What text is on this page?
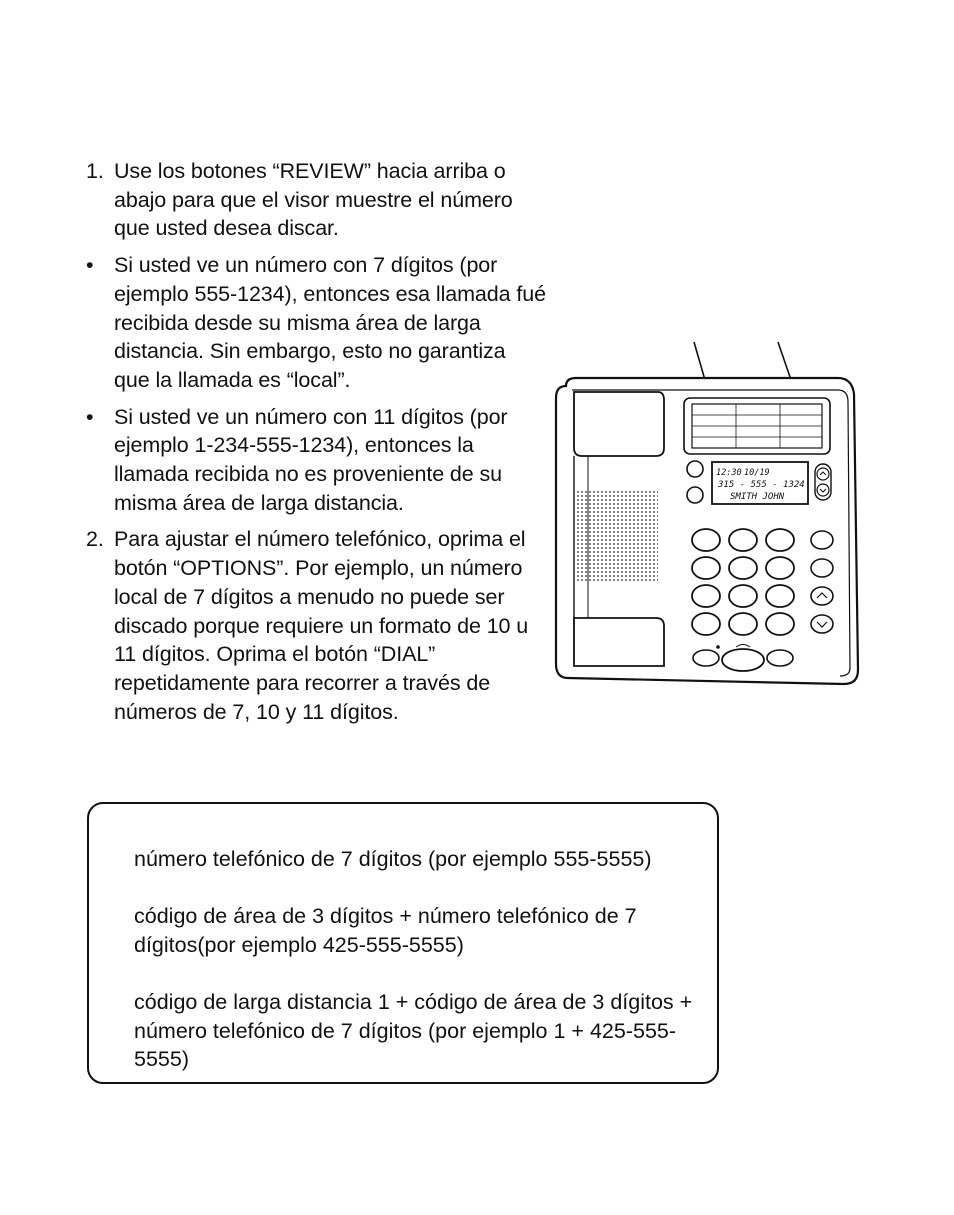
1. Use los botones “REVIEW” hacia arriba o abajo para que el visor muestre el número que usted desea discar.
• Si usted ve un número con 7 dígitos (por ejemplo 555-1234), entonces esa llamada fué recibida desde su misma área de larga distancia. Sin embargo, esto no garantiza que la llamada es “local”.
• Si usted ve un número con 11 dígitos (por ejemplo 1-234-555-1234), entonces la llamada recibida no es proveniente de su misma área de larga distancia.
2. Para ajustar el número telefónico, oprima el botón “OPTIONS”. Por ejemplo, un número local de 7 dígitos a menudo no puede ser discado porque requiere un formato de 10 u 11 dígitos. Oprima el botón “DIAL” repetidamente para recorrer a través de números de 7, 10 y 11 dígitos.
12:30 10/19
315 - 555 - 1324
SMITH JOHN
número telefónico de 7 dígitos (por ejemplo 555-5555)
código de área de 3 dígitos + número telefónico de 7 dígitos(por ejemplo 425-555-5555)
código de larga distancia 1 + código de área de 3 dígitos + número telefónico de 7 dígitos (por ejemplo 1 + 425-555-5555)
